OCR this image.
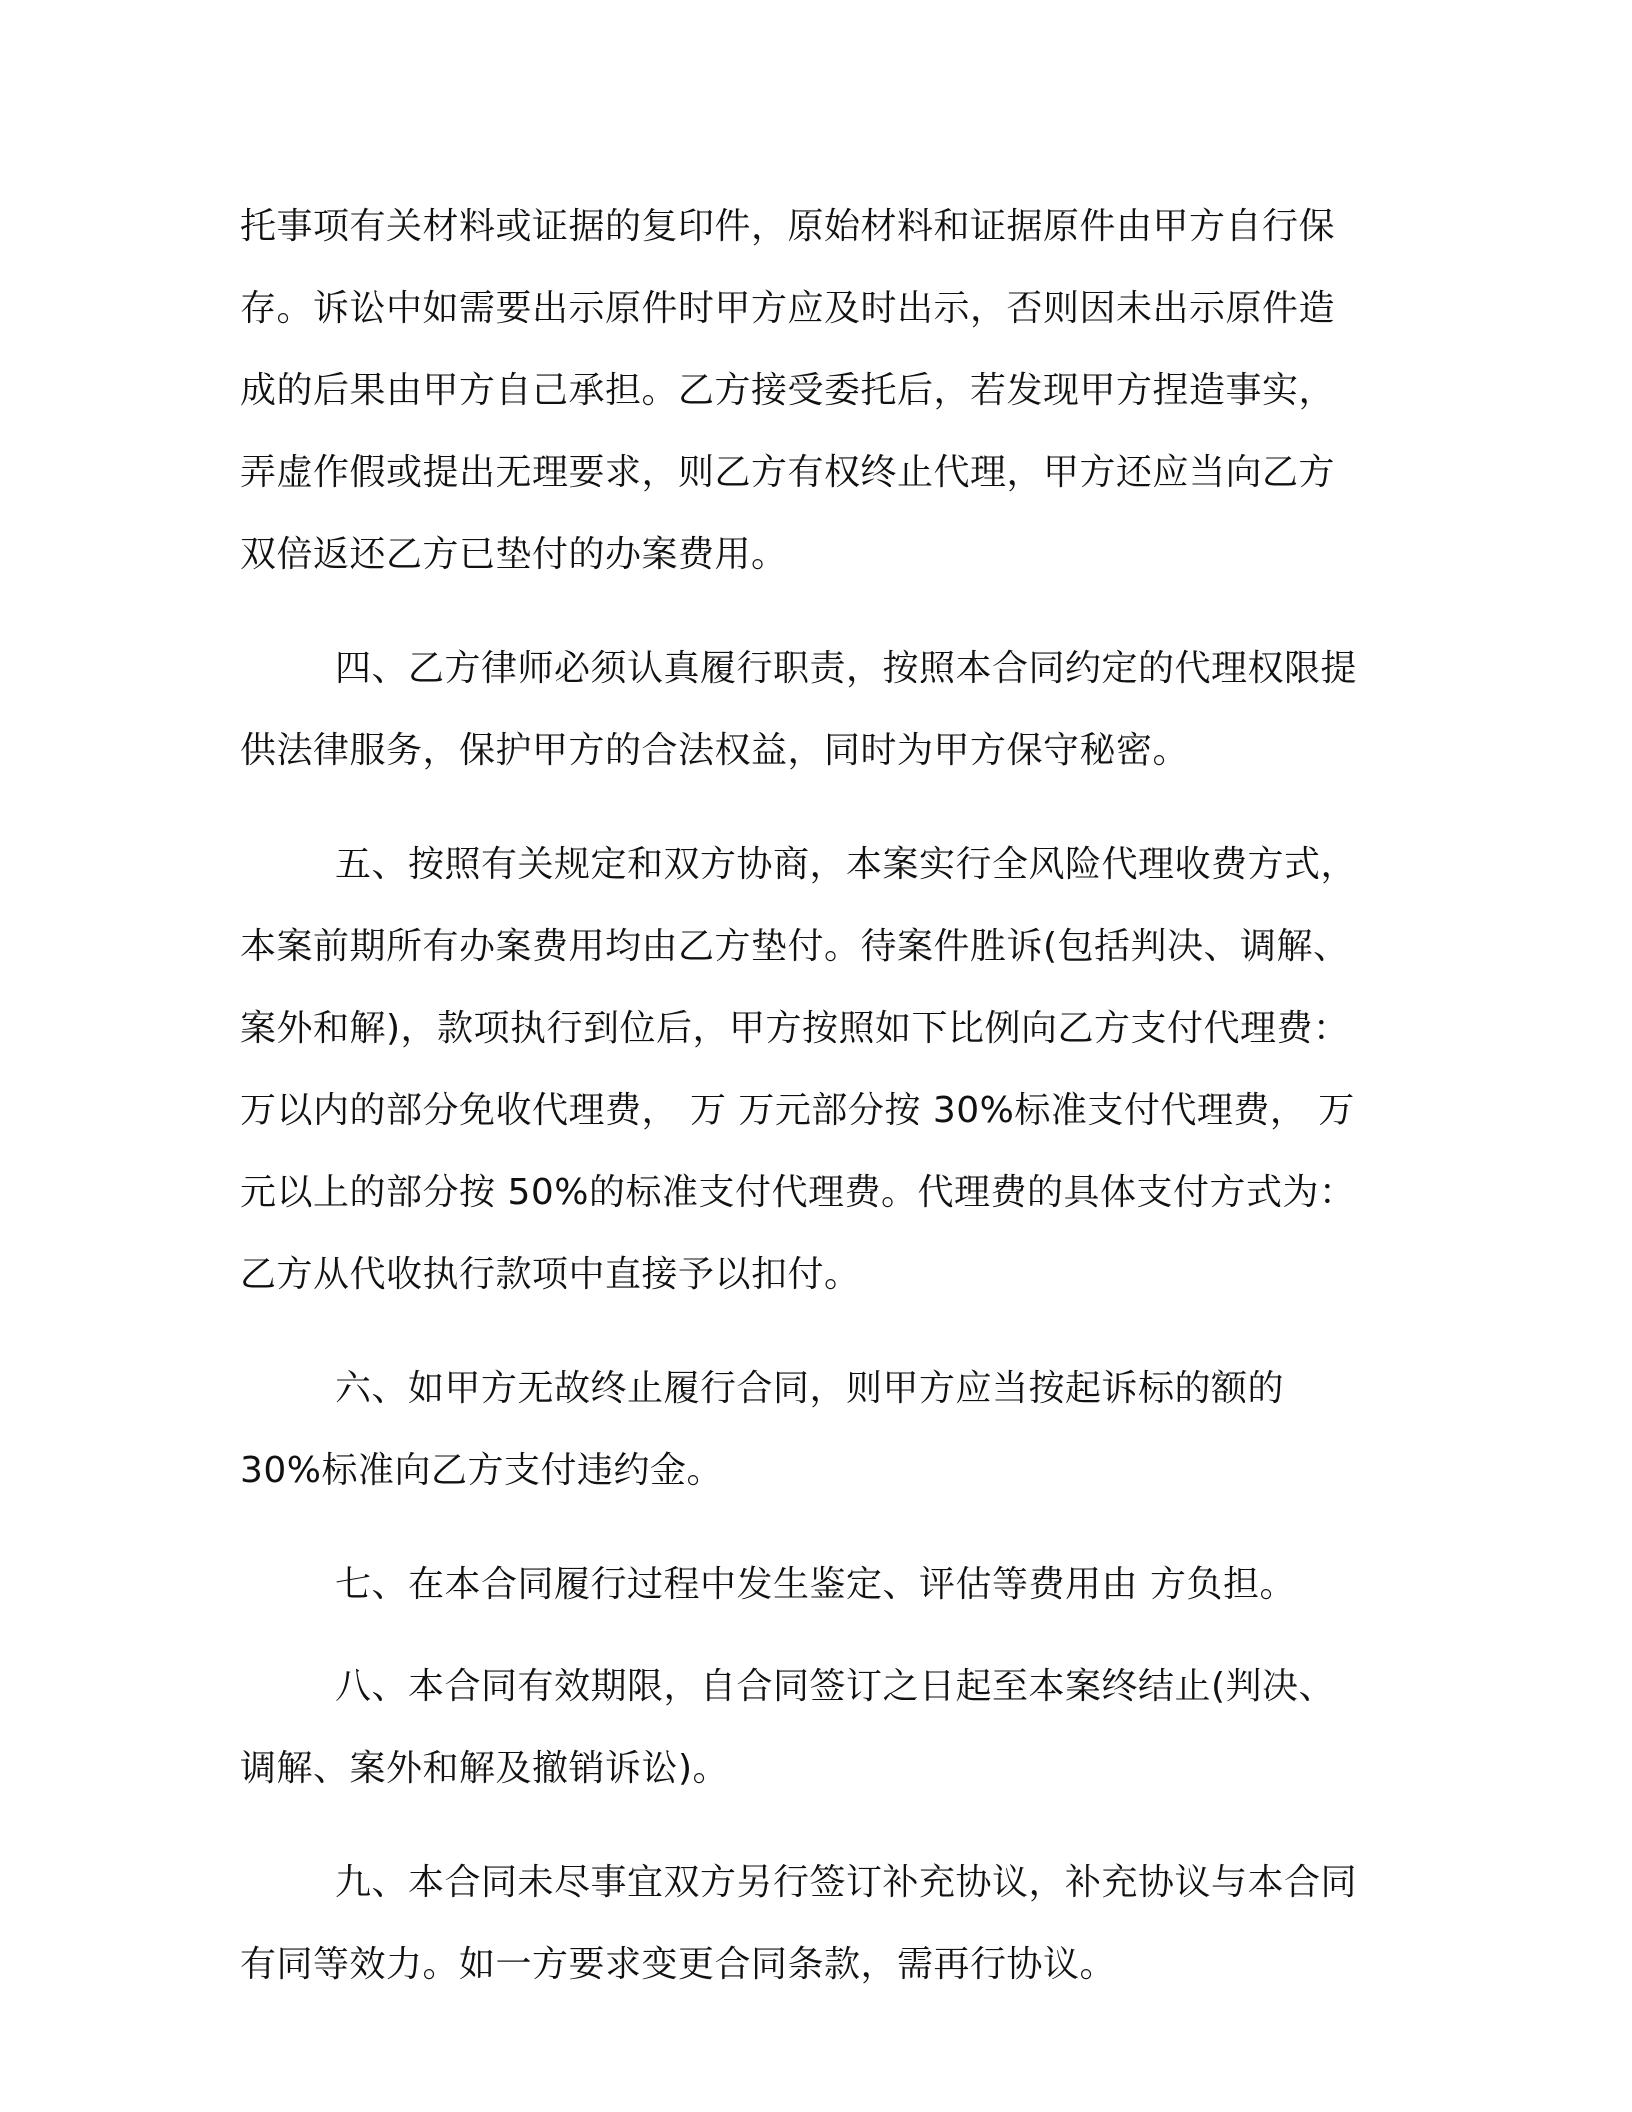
托事项有关材料或证据的复印件，原始材料和证据原件由甲方自行保
存。诉讼中如需要出示原件时甲方应及时出示，否则因未出示原件造
成的后果由甲方自己承担。乙方接受委托后，若发现甲方捏造事实，
弄虚作假或提出无理要求，则乙方有权终止代理，甲方还应当向乙方
双倍返还乙方已垫付的办案费用。
四、乙方律师必须认真履行职责，按照本合同约定的代理权限提
供法律服务，保护甲方的合法权益，同时为甲方保守秘密。
五、按照有关规定和双方协商，本案实行全风险代理收费方式，
本案前期所有办案费用均由乙方垫付。待案件胜诉(包括判决、调解、
案外和解)，款项执行到位后，甲方按照如下比例向乙方支付代理费：
万以内的部分免收代理费， 万 万元部分按 30%标准支付代理费， 万
元以上的部分按 50%的标准支付代理费。代理费的具体支付方式为：
乙方从代收执行款项中直接予以扣付。
六、如甲方无故终止履行合同，则甲方应当按起诉标的额的
30%标准向乙方支付违约金。
七、在本合同履行过程中发生鉴定、评估等费用由 方负担。
八、本合同有效期限，自合同签订之日起至本案终结止(判决、
调解、案外和解及撤销诉讼)。
九、本合同未尽事宜双方另行签订补充协议，补充协议与本合同
有同等效力。如一方要求变更合同条款，需再行协议。
